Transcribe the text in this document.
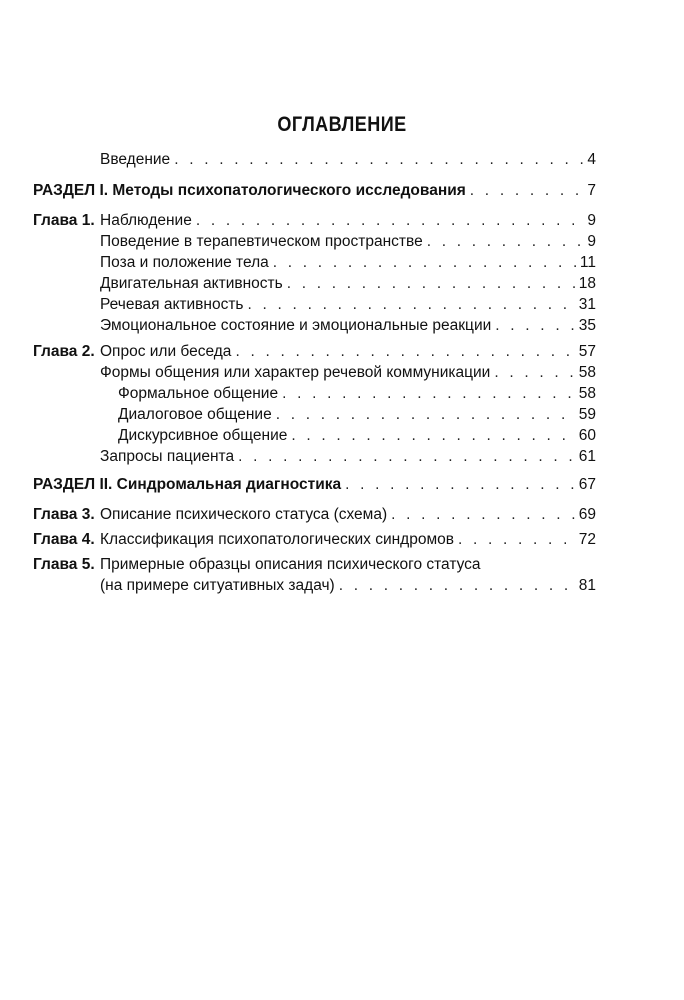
ОГЛАВЛЕНИЕ
Введение . . .	4
РАЗДЕЛ I. Методы психопатологического исследования . . .	7
Глава 1. Наблюдение . . .	9
Поведение в терапевтическом пространстве . . .	9
Поза и положение тела . . .	11
Двигательная активность . . .	18
Речевая активность . . .	31
Эмоциональное состояние и эмоциональные реакции . . .	35
Глава 2. Опрос или беседа . . .	57
Формы общения или характер речевой коммуникации . . .	58
Формальное общение . . .	58
Диалоговое общение . . .	59
Дискурсивное общение . . .	60
Запросы пациента . . .	61
РАЗДЕЛ II. Синдромальная диагностика . . .	67
Глава 3. Описание психического статуса (схема) . . .	69
Глава 4. Классификация психопатологических синдромов . . .	72
Глава 5. Примерные образцы описания психического статуса
(на примере ситуативных задач) . . .	81
